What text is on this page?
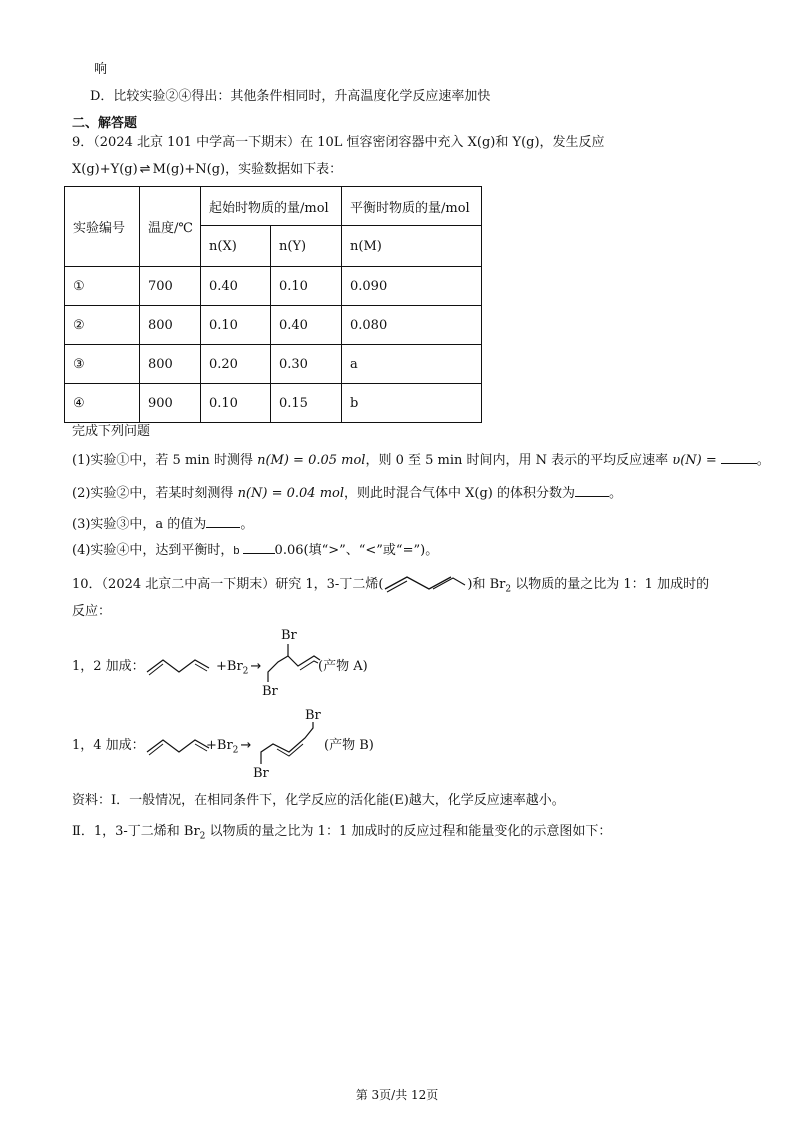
响
D．比较实验②④得出：其他条件相同时，升高温度化学反应速率加快
二、解答题
9．（2024 北京 101 中学高一下期末）在 10L 恒容密闭容器中充入 X(g)和 Y(g)，发生反应
X(g)+Y(g) ⇌ M(g)+N(g)，实验数据如下表：
实验编号	温度/℃	起始时物质的量/mol		平衡时物质的量/mol
		n(X)	n(Y)	n(M)
①	700	0.40	0.10	0.090
②	800	0.10	0.40	0.080
③	800	0.20	0.30	a
④	900	0.10	0.15	b
完成下列问题
(1)实验①中，若 5 min 时测得 n(M) = 0.05 mol，则 0 至 5 min 时间内，用 N 表示的平均反应速率 υ(N) =	。
(2)实验②中，若某时刻测得 n(N) = 0.04 mol，则此时混合气体中 X(g) 的体积分数为	。
(3)实验③中，a 的值为	。
(4)实验④中，达到平衡时，b	0.06(填“>”、“<”或“=”)。
10．（2024 北京二中高一下期末）研究 1，3-丁二烯(	)和 $Br_2$ 以物质的量之比为 1：1 加成时的
反应：
1，2 加成：	$+Br_2$ →
Br
Br
(产物 A)
1，4 加成：	$+Br_2$ →
Br
Br
(产物 B)
资料：I．一般情况，在相同条件下，化学反应的活化能(E)越大，化学反应速率越小。
Ⅱ．1，3-丁二烯和 $Br_2$ 以物质的量之比为 1：1 加成时的反应过程和能量变化的示意图如下：
第 3页/共 12页
